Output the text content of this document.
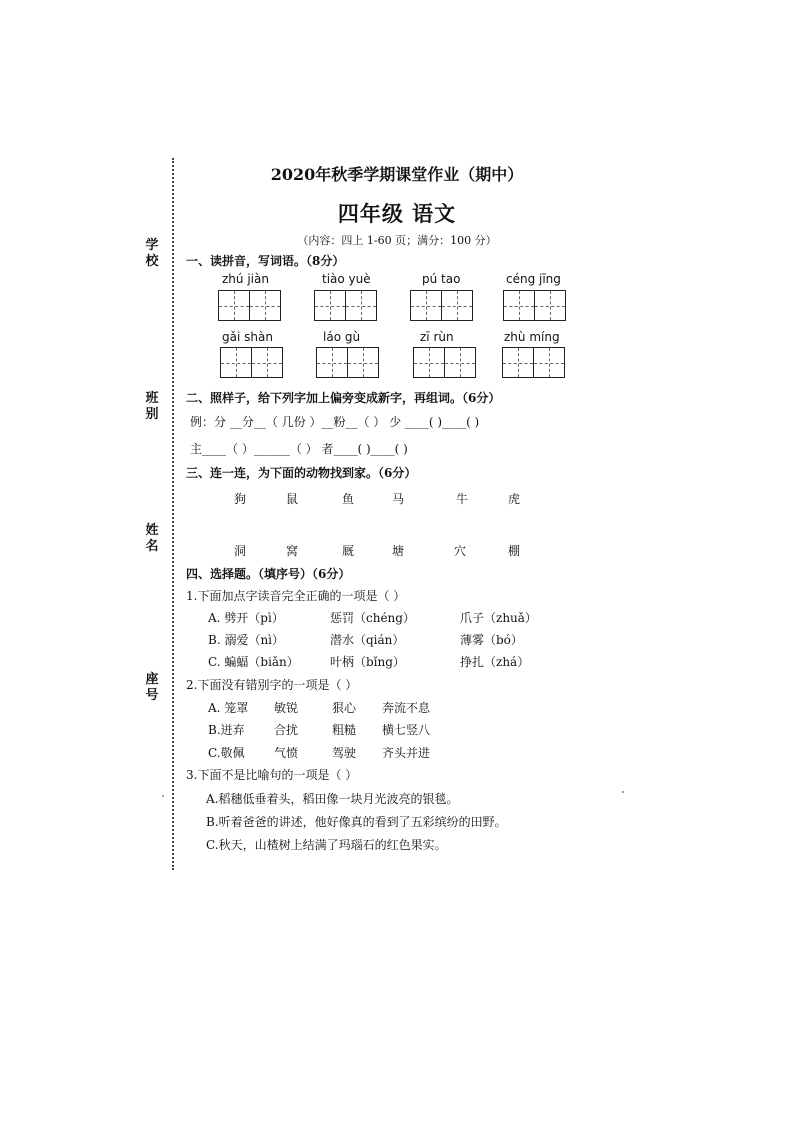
学
校
班
别
姓
名
座
号
2020年秋季学期课堂作业（期中）
四年级 语文
（内容：四上 1-60 页；满分：100 分）
一、读拼音，写词语。（8分）
zhú jiàn	tiào yuè	pú tao	céng jīng
gǎi shàn	láo gù	zī rùn	zhù míng
二、照样子，给下列字加上偏旁变成新字，再组词。（6分）
例：分 __分__（ 几份 ）__粉__（ ） 少 ____( )____( )
主____（ ）______（ ） 者____( )____( )
三、连一连，为下面的动物找到家。（6分）
狗	鼠	鱼	马	牛	虎
洞	窝	厩	塘	穴	棚
四、选择题。（填序号）（6分）
1.下面加点字读音完全正确的一项是（ ）
A. 劈开（pì）	惩罚（chéng）	爪子（zhuǎ）
B. 溺爱（nì）	潜水（qián）	薄雾（bó）
C. 蝙蝠（biǎn）	叶柄（bǐng）	挣扎（zhá）
2.下面没有错别字的一项是（ ）
A. 笼罩 敏锐	狠心 奔流不息
B.迸弃 合扰	粗糙 横七竖八
C.敬佩 气愤	驾驶 齐头并进
3.下面不是比喻句的一项是（ ）
A.稻穗低垂着头，稻田像一块月光波亮的银毯。
B.听着爸爸的讲述，他好像真的看到了五彩缤纷的田野。
C.秋天，山楂树上结满了玛瑙石的红色果实。
